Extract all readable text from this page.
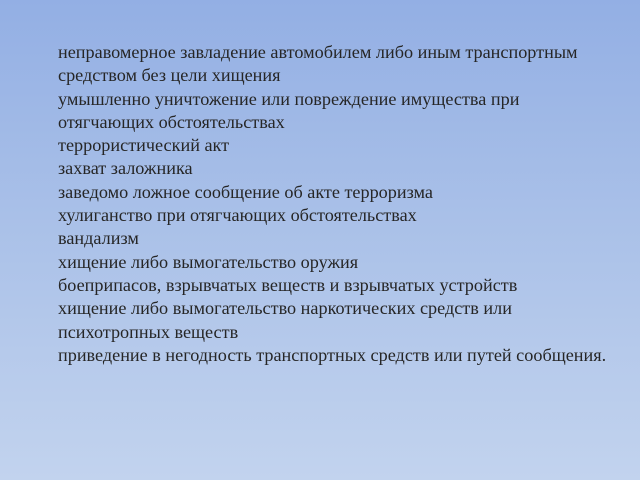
неправомерное завладение автомобилем либо иным транспортным средством без цели хищения
умышленно уничтожение или повреждение имущества при отягчающих обстоятельствах
террористический акт
захват заложника
заведомо ложное сообщение об акте терроризма
хулиганство при отягчающих обстоятельствах
вандализм
хищение либо вымогательство оружия
боеприпасов, взрывчатых веществ и взрывчатых устройств
хищение либо вымогательство наркотических средств или психотропных веществ
приведение в негодность транспортных средств или путей сообщения.
